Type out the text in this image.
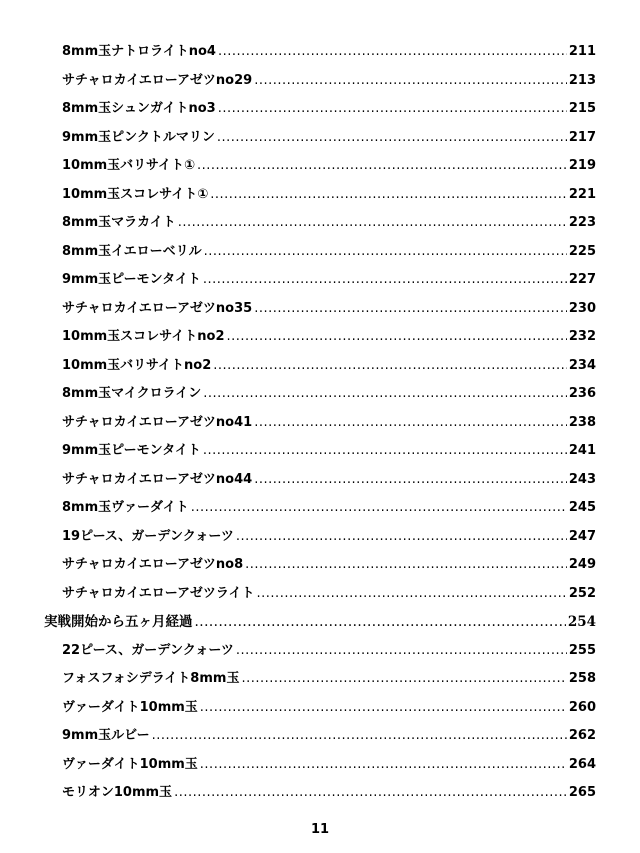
8mm玉ナトロライトno4 .....	211
サチャロカイエローアゼツno29 .....	213
8mm玉シュンガイトno3 .....	215
9mm玉ピンクトルマリン .....	217
10mm玉バリサイト① .....	219
10mm玉スコレサイト① .....	221
8mm玉マラカイト .....	223
8mm玉イエローベリル .....	225
9mm玉ピーモンタイト .....	227
サチャロカイエローアゼツno35 .....	230
10mm玉スコレサイトno2 .....	232
10mm玉バリサイトno2 .....	234
8mm玉マイクロライン .....	236
サチャロカイエローアゼツno41 .....	238
9mm玉ピーモンタイト .....	241
サチャロカイエローアゼツno44 .....	243
8mm玉ヴァーダイト .....	245
19ピース、ガーデンクォーツ .....	247
サチャロカイエローアゼツno8 .....	249
サチャロカイエローアゼツライト .....	252
実戦開始から五ヶ月経過 .....	254
22ピース、ガーデンクォーツ .....	255
フォスフォシデライト8mm玉 .....	258
ヴァーダイト10mm玉 .....	260
9mm玉ルビー .....	262
ヴァーダイト10mm玉 .....	264
モリオン10mm玉 .....	265
11
